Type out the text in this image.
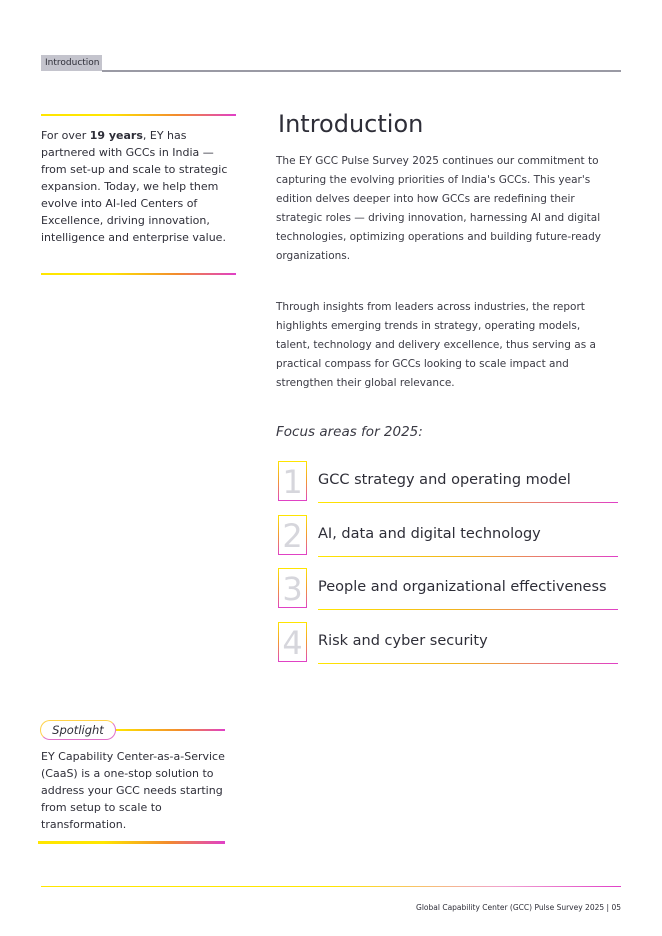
Introduction
For over 19 years, EY has partnered with GCCs in India — from set-up and scale to strategic expansion. Today, we help them evolve into AI-led Centers of Excellence, driving innovation, intelligence and enterprise value.
Introduction
The EY GCC Pulse Survey 2025 continues our commitment to capturing the evolving priorities of India's GCCs. This year's edition delves deeper into how GCCs are redefining their strategic roles — driving innovation, harnessing AI and digital technologies, optimizing operations and building future-ready organizations.
Through insights from leaders across industries, the report highlights emerging trends in strategy, operating models, talent, technology and delivery excellence, thus serving as a practical compass for GCCs looking to scale impact and strengthen their global relevance.
Focus areas for 2025:
1 GCC strategy and operating model
2 AI, data and digital technology
3 People and organizational effectiveness
4 Risk and cyber security
Spotlight
EY Capability Center-as-a-Service (CaaS) is a one-stop solution to address your GCC needs starting from setup to scale to transformation.
Global Capability Center (GCC) Pulse Survey 2025 | 05
